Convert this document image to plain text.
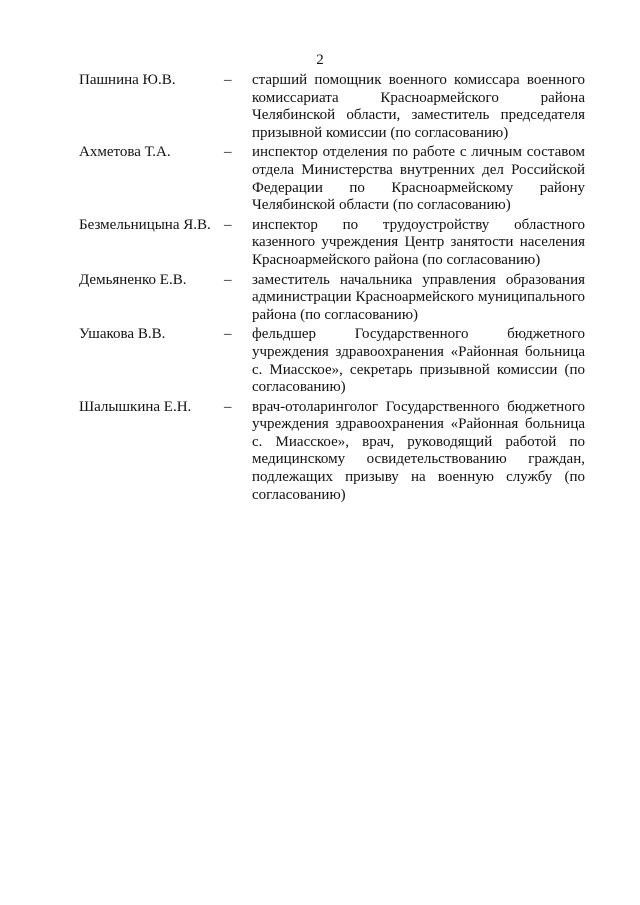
2
Пашнина Ю.В.	–	старший помощник военного комиссара военного комиссариата Красноармейского района Челябинской области, заместитель председателя призывной комиссии (по согласованию)
Ахметова Т.А.	–	инспектор отделения по работе с личным составом отдела Министерства внутренних дел Российской Федерации по Красноармейскому району Челябинской области (по согласованию)
Безмельницына Я.В. –	инспектор по трудоустройству областного казенного учреждения Центр занятости населения Красноармейского района (по согласованию)
Демьяненко Е.В.	–	заместитель начальника управления образования администрации Красноармейского муниципального района (по согласованию)
Ушакова В.В.	–	фельдшер Государственного бюджетного учреждения здравоохранения «Районная больница с. Миасское», секретарь призывной комиссии (по согласованию)
Шалышкина Е.Н.	–	врач-отоларинголог Государственного бюджетного учреждения здравоохранения «Районная больница с. Миасское», врач, руководящий работой по медицинскому освидетельствованию граждан, подлежащих призыву на военную службу (по согласованию)
